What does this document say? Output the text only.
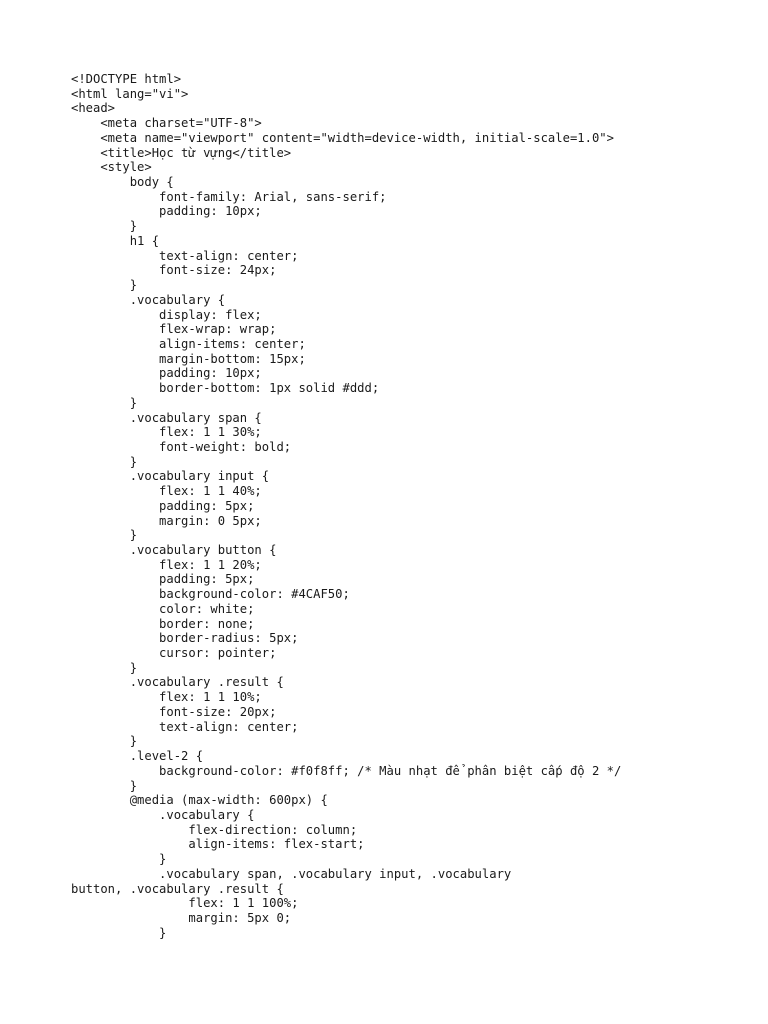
<!DOCTYPE html>
<html lang="vi">
<head>
<meta charset="UTF-8">
<meta name="viewport" content="width=device-width, initial-scale=1.0">
<title>Học từ vựng</title>
<style>
body {
font-family: Arial, sans-serif;
padding: 10px;
}
h1 {
text-align: center;
font-size: 24px;
}
.vocabulary {
display: flex;
flex-wrap: wrap;
align-items: center;
margin-bottom: 15px;
padding: 10px;
border-bottom: 1px solid #ddd;
}
.vocabulary span {
flex: 1 1 30%;
font-weight: bold;
}
.vocabulary input {
flex: 1 1 40%;
padding: 5px;
margin: 0 5px;
}
.vocabulary button {
flex: 1 1 20%;
padding: 5px;
background-color: #4CAF50;
color: white;
border: none;
border-radius: 5px;
cursor: pointer;
}
.vocabulary .result {
flex: 1 1 10%;
font-size: 20px;
text-align: center;
}
.level-2 {
background-color: #f0f8ff; /* Màu nhạt để phân biệt cấp độ 2 */
}
@media (max-width: 600px) {
.vocabulary {
flex-direction: column;
align-items: flex-start;
}
.vocabulary span, .vocabulary input, .vocabulary
button, .vocabulary .result {
flex: 1 1 100%;
margin: 5px 0;
}
